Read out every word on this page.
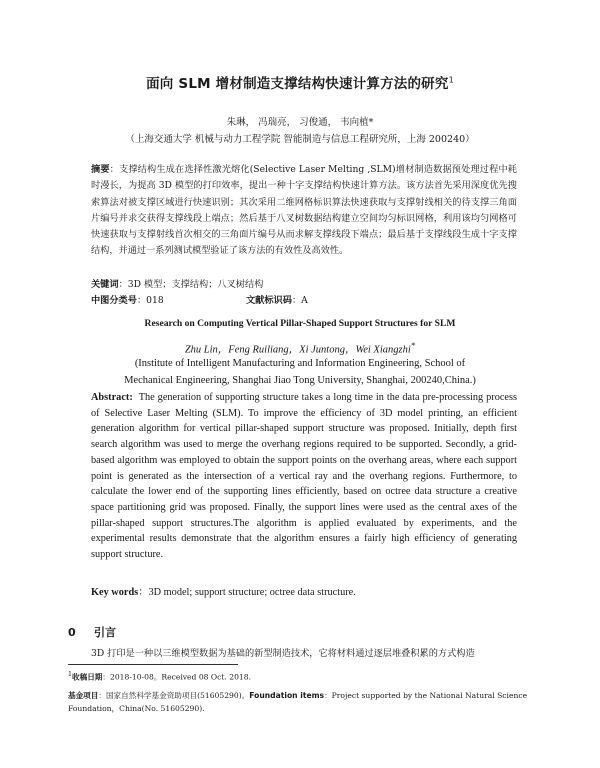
面向 SLM 增材制造支撑结构快速计算方法的研究$^1$
朱琳， 冯瑞亮， 习俊通， 韦向植*
（上海交通大学 机械与动力工程学院 智能制造与信息工程研究所，上海 200240）
摘要：支撑结构生成在选择性激光熔化(Selective Laser Melting ,SLM)增材制造数据预处理过程中耗时漫长，为提高 3D 模型的打印效率，提出一种十字支撑结构快速计算方法。该方法首先采用深度优先搜索算法对被支撑区域进行快速识别；其次采用二维网格标识算法快速获取与支撑射线相关的待支撑三角面片编号并求交获得支撑线段上端点；然后基于八叉树数据结构建立空间均匀标识网格，利用该均匀网格可快速获取与支撑射线首次相交的三角面片编号从而求解支撑线段下端点；最后基于支撑线段生成十字支撑结构，并通过一系列测试模型验证了该方法的有效性及高效性。
关键词：3D 模型；支撑结构；八叉树结构
中图分类号：018	文献标识码：A
Research on Computing Vertical Pillar-Shaped Support Structures for SLM
Zhu Lin，Feng Ruiliang，Xi Juntong，Wei Xiangzhi*
(Institute of Intelligent Manufacturing and Information Engineering, School of
Mechanical Engineering, Shanghai Jiao Tong University, Shanghai, 200240,China.)
Abstract: The generation of supporting structure takes a long time in the data pre-processing process of Selective Laser Melting (SLM). To improve the efficiency of 3D model printing, an efficient generation algorithm for vertical pillar-shaped support structure was proposed. Initially, depth first search algorithm was used to merge the overhang regions required to be supported. Secondly, a grid-based algorithm was employed to obtain the support points on the overhang areas, where each support point is generated as the intersection of a vertical ray and the overhang regions. Furthermore, to calculate the lower end of the supporting lines efficiently, based on octree data structure a creative space partitioning grid was proposed. Finally, the support lines were used as the central axes of the pillar-shaped support structures.The algorithm is applied evaluated by experiments, and the experimental results demonstrate that the algorithm ensures a fairly high efficiency of generating support structure.
Key words：3D model; support structure; octree data structure.
0 引言
3D 打印是一种以三维模型数据为基础的新型制造技术，它将材料通过逐层堆叠积累的方式构造
$^1$收稿日期：2018-10-08。Received 08 Oct. 2018.
基金项目：国家自然科学基金资助项目(51605290)。Foundation items：Project supported by the National Natural Science Foundation，China(No. 51605290).
